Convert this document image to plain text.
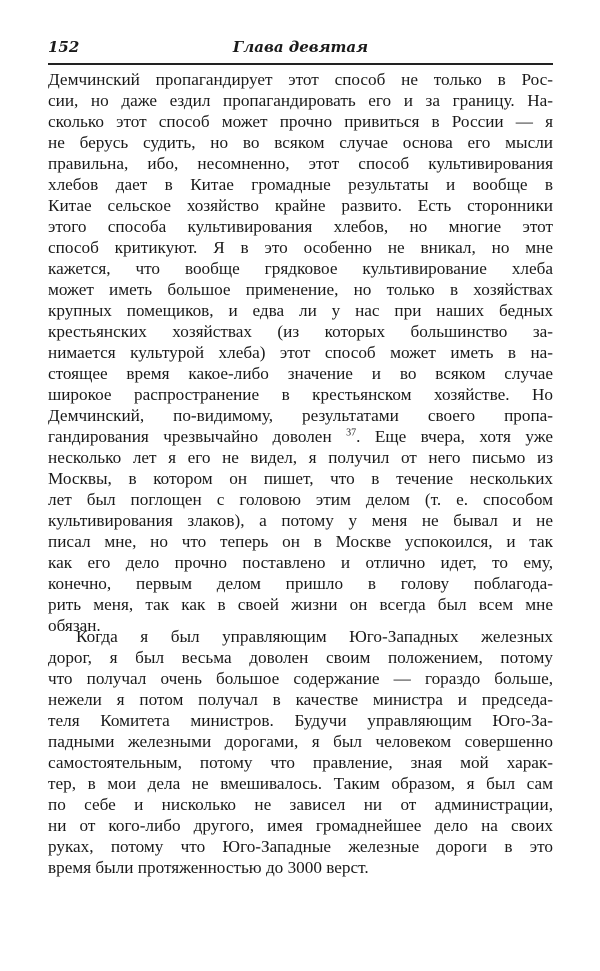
152	Глава девятая
Демчинский пропагандирует этот способ не только в Рос-
сии, но даже ездил пропагандировать его и за границу. На-
сколько этот способ может прочно привиться в России — я
не берусь судить, но во всяком случае основа его мысли
правильна, ибо, несомненно, этот способ культивирования
хлебов дает в Китае громадные результаты и вообще в
Китае сельское хозяйство крайне развито. Есть сторонники
этого способа культивирования хлебов, но многие этот
способ критикуют. Я в это особенно не вникал, но мне
кажется, что вообще грядковое культивирование хлеба
может иметь большое применение, но только в хозяйствах
крупных помещиков, и едва ли у нас при наших бедных
крестьянских хозяйствах (из которых большинство за-
нимается культурой хлеба) этот способ может иметь в на-
стоящее время какое-либо значение и во всяком случае
широкое распространение в крестьянском хозяйстве. Но
Демчинский, по-видимому, результатами своего пропа-
гандирования чрезвычайно доволен $^{37}$. Еще вчера, хотя уже
несколько лет я его не видел, я получил от него письмо из
Москвы, в котором он пишет, что в течение нескольких
лет был поглощен с головою этим делом (т. е. способом
культивирования злаков), а потому у меня не бывал и не
писал мне, но что теперь он в Москве успокоился, и так
как его дело прочно поставлено и отлично идет, то ему,
конечно, первым делом пришло в голову поблагода-
рить меня, так как в своей жизни он всегда был всем мне
обязан.
Когда я был управляющим Юго-Западных железных
дорог, я был весьма доволен своим положением, потому
что получал очень большое содержание — гораздо больше,
нежели я потом получал в качестве министра и председа-
теля Комитета министров. Будучи управляющим Юго-За-
падными железными дорогами, я был человеком совершенно
самостоятельным, потому что правление, зная мой харак-
тер, в мои дела не вмешивалось. Таким образом, я был сам
по себе и нисколько не зависел ни от администрации,
ни от кого-либо другого, имея громаднейшее дело на своих
руках, потому что Юго-Западные железные дороги в это
время были протяженностью до 3000 верст.
